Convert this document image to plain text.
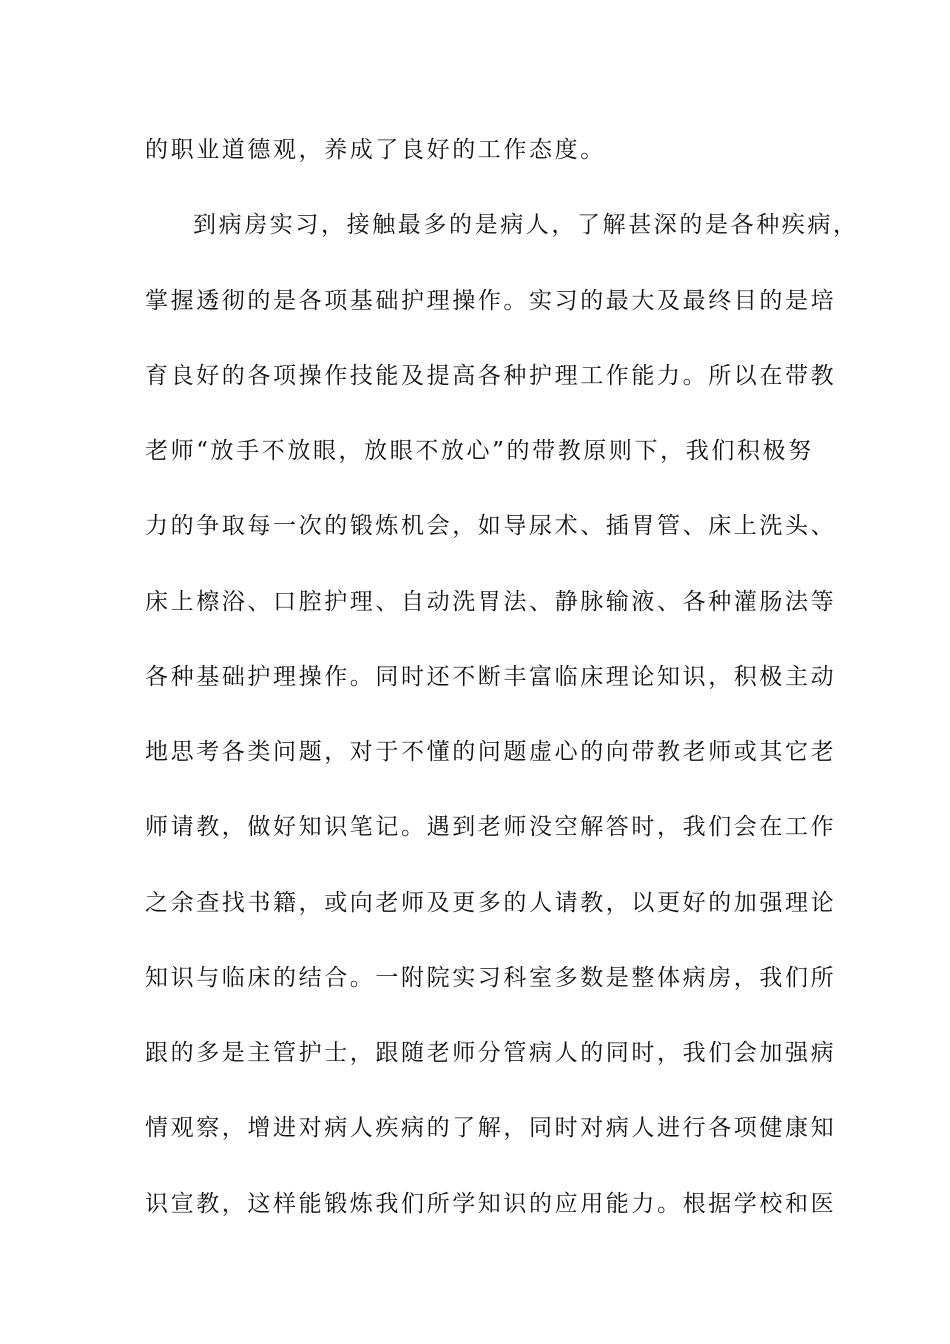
的职业道德观，养成了良好的工作态度。
到病房实习，接触最多的是病人，了解甚深的是各种疾病，
掌握透彻的是各项基础护理操作。实习的最大及最终目的是培
育良好的各项操作技能及提高各种护理工作能力。所以在带教
老师“放手不放眼，放眼不放心”的带教原则下，我们积极努
力的争取每一次的锻炼机会，如导尿术、插胃管、床上洗头、
床上檫浴、口腔护理、自动洗胃法、静脉输液、各种灌肠法等
各种基础护理操作。同时还不断丰富临床理论知识，积极主动
地思考各类问题，对于不懂的问题虚心的向带教老师或其它老
师请教，做好知识笔记。遇到老师没空解答时，我们会在工作
之余查找书籍，或向老师及更多的人请教，以更好的加强理论
知识与临床的结合。一附院实习科室多数是整体病房，我们所
跟的多是主管护士，跟随老师分管病人的同时，我们会加强病
情观察，增进对病人疾病的了解，同时对病人进行各项健康知
识宣教，这样能锻炼我们所学知识的应用能力。根据学校和医
